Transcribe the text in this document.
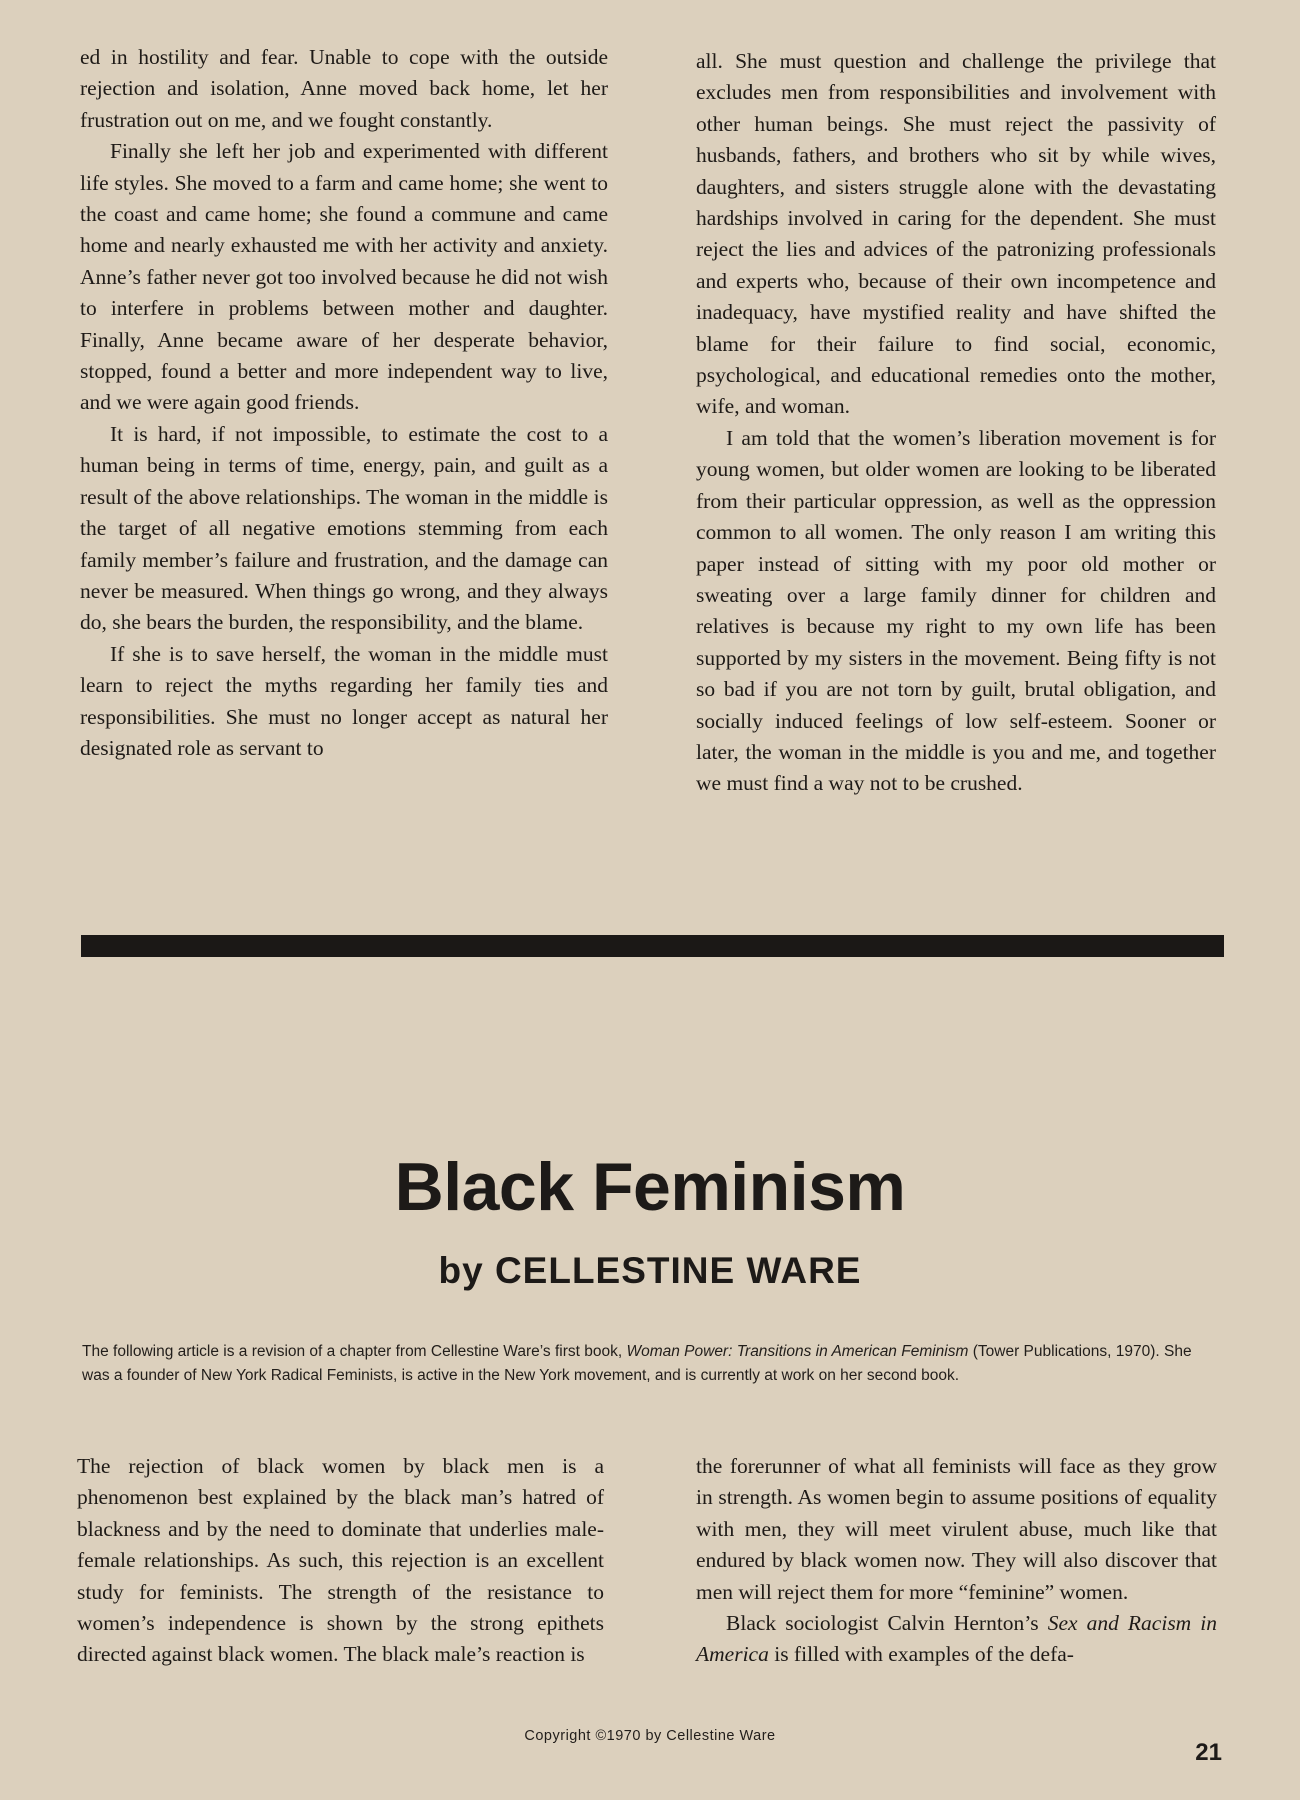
ed in hostility and fear. Unable to cope with the outside rejection and isolation, Anne moved back home, let her frustration out on me, and we fought constantly.

Finally she left her job and experimented with different life styles. She moved to a farm and came home; she went to the coast and came home; she found a commune and came home and nearly exhausted me with her activity and anxiety. Anne’s father never got too involved because he did not wish to interfere in problems between mother and daughter. Finally, Anne became aware of her desperate behavior, stopped, found a better and more independent way to live, and we were again good friends.

It is hard, if not impossible, to estimate the cost to a human being in terms of time, energy, pain, and guilt as a result of the above relationships. The woman in the middle is the target of all negative emotions stemming from each family member’s failure and frustration, and the damage can never be measured. When things go wrong, and they always do, she bears the burden, the responsibility, and the blame.

If she is to save herself, the woman in the middle must learn to reject the myths regarding her family ties and responsibilities. She must no longer accept as natural her designated role as servant to

all. She must question and challenge the privilege that excludes men from responsibilities and involvement with other human beings. She must reject the passivity of husbands, fathers, and brothers who sit by while wives, daughters, and sisters struggle alone with the devastating hardships involved in caring for the dependent. She must reject the lies and advices of the patronizing professionals and experts who, because of their own incompetence and inadequacy, have mystified reality and have shifted the blame for their failure to find social, economic, psychological, and educational remedies onto the mother, wife, and woman.

I am told that the women’s liberation movement is for young women, but older women are looking to be liberated from their particular oppression, as well as the oppression common to all women. The only reason I am writing this paper instead of sitting with my poor old mother or sweating over a large family dinner for children and relatives is because my right to my own life has been supported by my sisters in the movement. Being fifty is not so bad if you are not torn by guilt, brutal obligation, and socially induced feelings of low self-esteem. Sooner or later, the woman in the middle is you and me, and together we must find a way not to be crushed.

Black Feminism
by CELLESTINE WARE
The following article is a revision of a chapter from Cellestine Ware’s first book, Woman Power: Transitions in American Feminism (Tower Publications, 1970). She was a founder of New York Radical Feminists, is active in the New York movement, and is currently at work on her second book.

The rejection of black women by black men is a phenomenon best explained by the black man’s hatred of blackness and by the need to dominate that underlies male-female relationships. As such, this rejection is an excellent study for feminists. The strength of the resistance to women’s independence is shown by the strong epithets directed against black women. The black male’s reaction is

the forerunner of what all feminists will face as they grow in strength. As women begin to assume positions of equality with men, they will meet virulent abuse, much like that endured by black women now. They will also discover that men will reject them for more “feminine” women.

Black sociologist Calvin Hernton’s Sex and Racism in America is filled with examples of the defa-

Copyright ©1970 by Cellestine Ware
21
